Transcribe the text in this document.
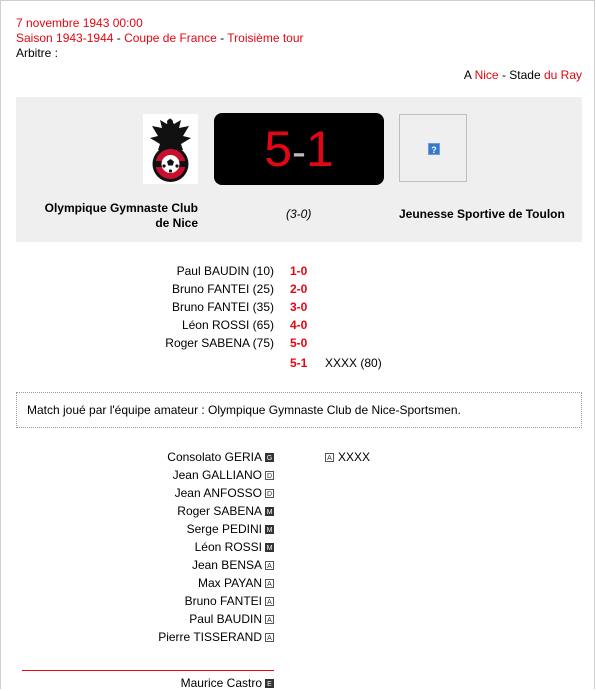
7 novembre 1943 00:00
Saison 1943-1944 - Coupe de France - Troisième tour
Arbitre :
A Nice - Stade du Ray
5-1	?
Olympique Gymnaste Club de Nice
(3-0)	Jeunesse Sportive de Toulon
Paul BAUDIN (10) 1-0
Bruno FANTEI (25) 2-0
Bruno FANTEI (35) 3-0
Léon ROSSI (65) 4-0
Roger SABENA (75) 5-0
5-1 XXXX (80)
Match joué par l'équipe amateur : Olympique Gymnaste Club de Nice-Sportsmen.
Consolato GERIA G	A XXXX
Jean GALLIANO D
Jean ANFOSSO D
Roger SABENA M
Serge PEDINI M
Léon ROSSI M
Jean BENSA A
Max PAYAN A
Bruno FANTEI A
Paul BAUDIN A
Pierre TISSERAND A
Maurice Castro E
